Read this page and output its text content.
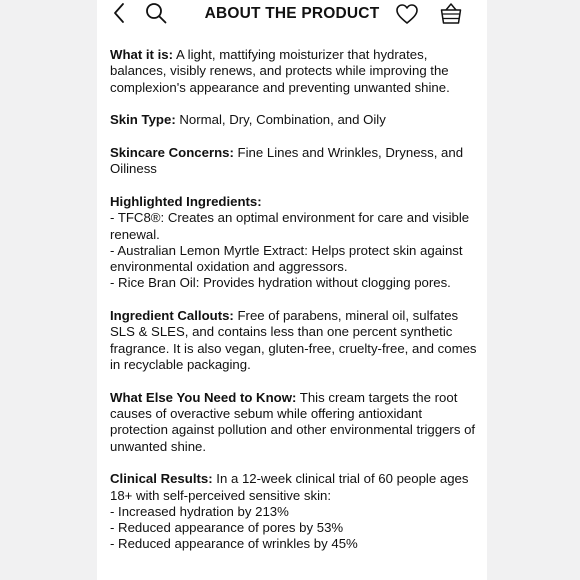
ABOUT THE PRODUCT
What it is: A light, mattifying moisturizer that hydrates, balances, visibly renews, and protects while improving the complexion's appearance and preventing unwanted shine.
Skin Type: Normal, Dry, Combination, and Oily
Skincare Concerns: Fine Lines and Wrinkles, Dryness, and Oiliness
Highlighted Ingredients:
- TFC8®: Creates an optimal environment for care and visible renewal.
- Australian Lemon Myrtle Extract: Helps protect skin against environmental oxidation and aggressors.
- Rice Bran Oil: Provides hydration without clogging pores.
Ingredient Callouts: Free of parabens, mineral oil, sulfates SLS & SLES, and contains less than one percent synthetic fragrance. It is also vegan, gluten-free, cruelty-free, and comes in recyclable packaging.
What Else You Need to Know: This cream targets the root causes of overactive sebum while offering antioxidant protection against pollution and other environmental triggers of unwanted shine.
Clinical Results: In a 12-week clinical trial of 60 people ages 18+ with self-perceived sensitive skin:
- Increased hydration by 213%
- Reduced appearance of pores by 53%
- Reduced appearance of wrinkles by 45%
